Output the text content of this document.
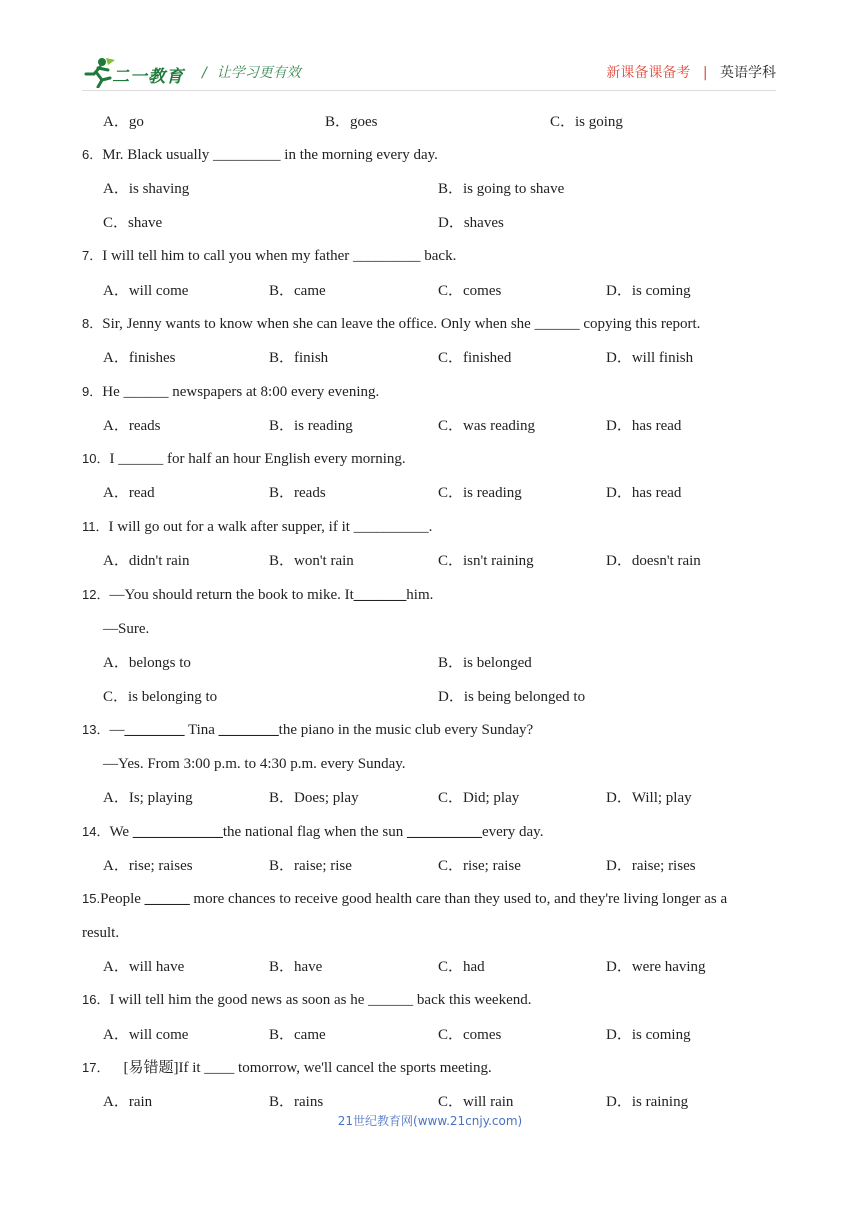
二一教育 / 让学习更有效	新课备课备考 | 英语学科
A．go	B．goes	C．is going
6．Mr. Black usually _________ in the morning every day.
A．is shaving	B．is going to shave
C．shave	D．shaves
7．I will tell him to call you when my father _________ back.
A．will come	B．came	C．comes	D．is coming
8．Sir, Jenny wants to know when she can leave the office. Only when she ______ copying this report.
A．finishes	B．finish	C．finished	D．will finish
9．He ______ newspapers at 8:00 every evening.
A．reads	B．is reading	C．was reading	D．has read
10．I ______ for half an hour English every morning.
A．read	B．reads	C．is reading	D．has read
11．I will go out for a walk after supper, if it __________.
A．didn't rain	B．won't rain	C．isn't raining	D．doesn't rain
12．—You should return the book to mike. It_______him.
—Sure.
A．belongs to	B．is belonged
C．is belonging to	D．is being belonged to
13．—________ Tina ________the piano in the music club every Sunday?
—Yes. From 3:00 p.m. to 4:30 p.m. every Sunday.
A．Is; playing	B．Does; play	C．Did; play	D．Will; play
14．We ____________the national flag when the sun __________every day.
A．rise; raises	B．raise; rise	C．rise; raise	D．raise; rises
15.People ______ more chances to receive good health care than they used to, and they're living longer as a
result.
A．will have	B．have	C．had	D．were having
16．I will tell him the good news as soon as he ______ back this weekend.
A．will come	B．came	C．comes	D．is coming
17． [易错题]If it ____ tomorrow, we'll cancel the sports meeting.
A．rain	B．rains	C．will rain	D．is raining
21世纪教育网(www.21cnjy.com)
